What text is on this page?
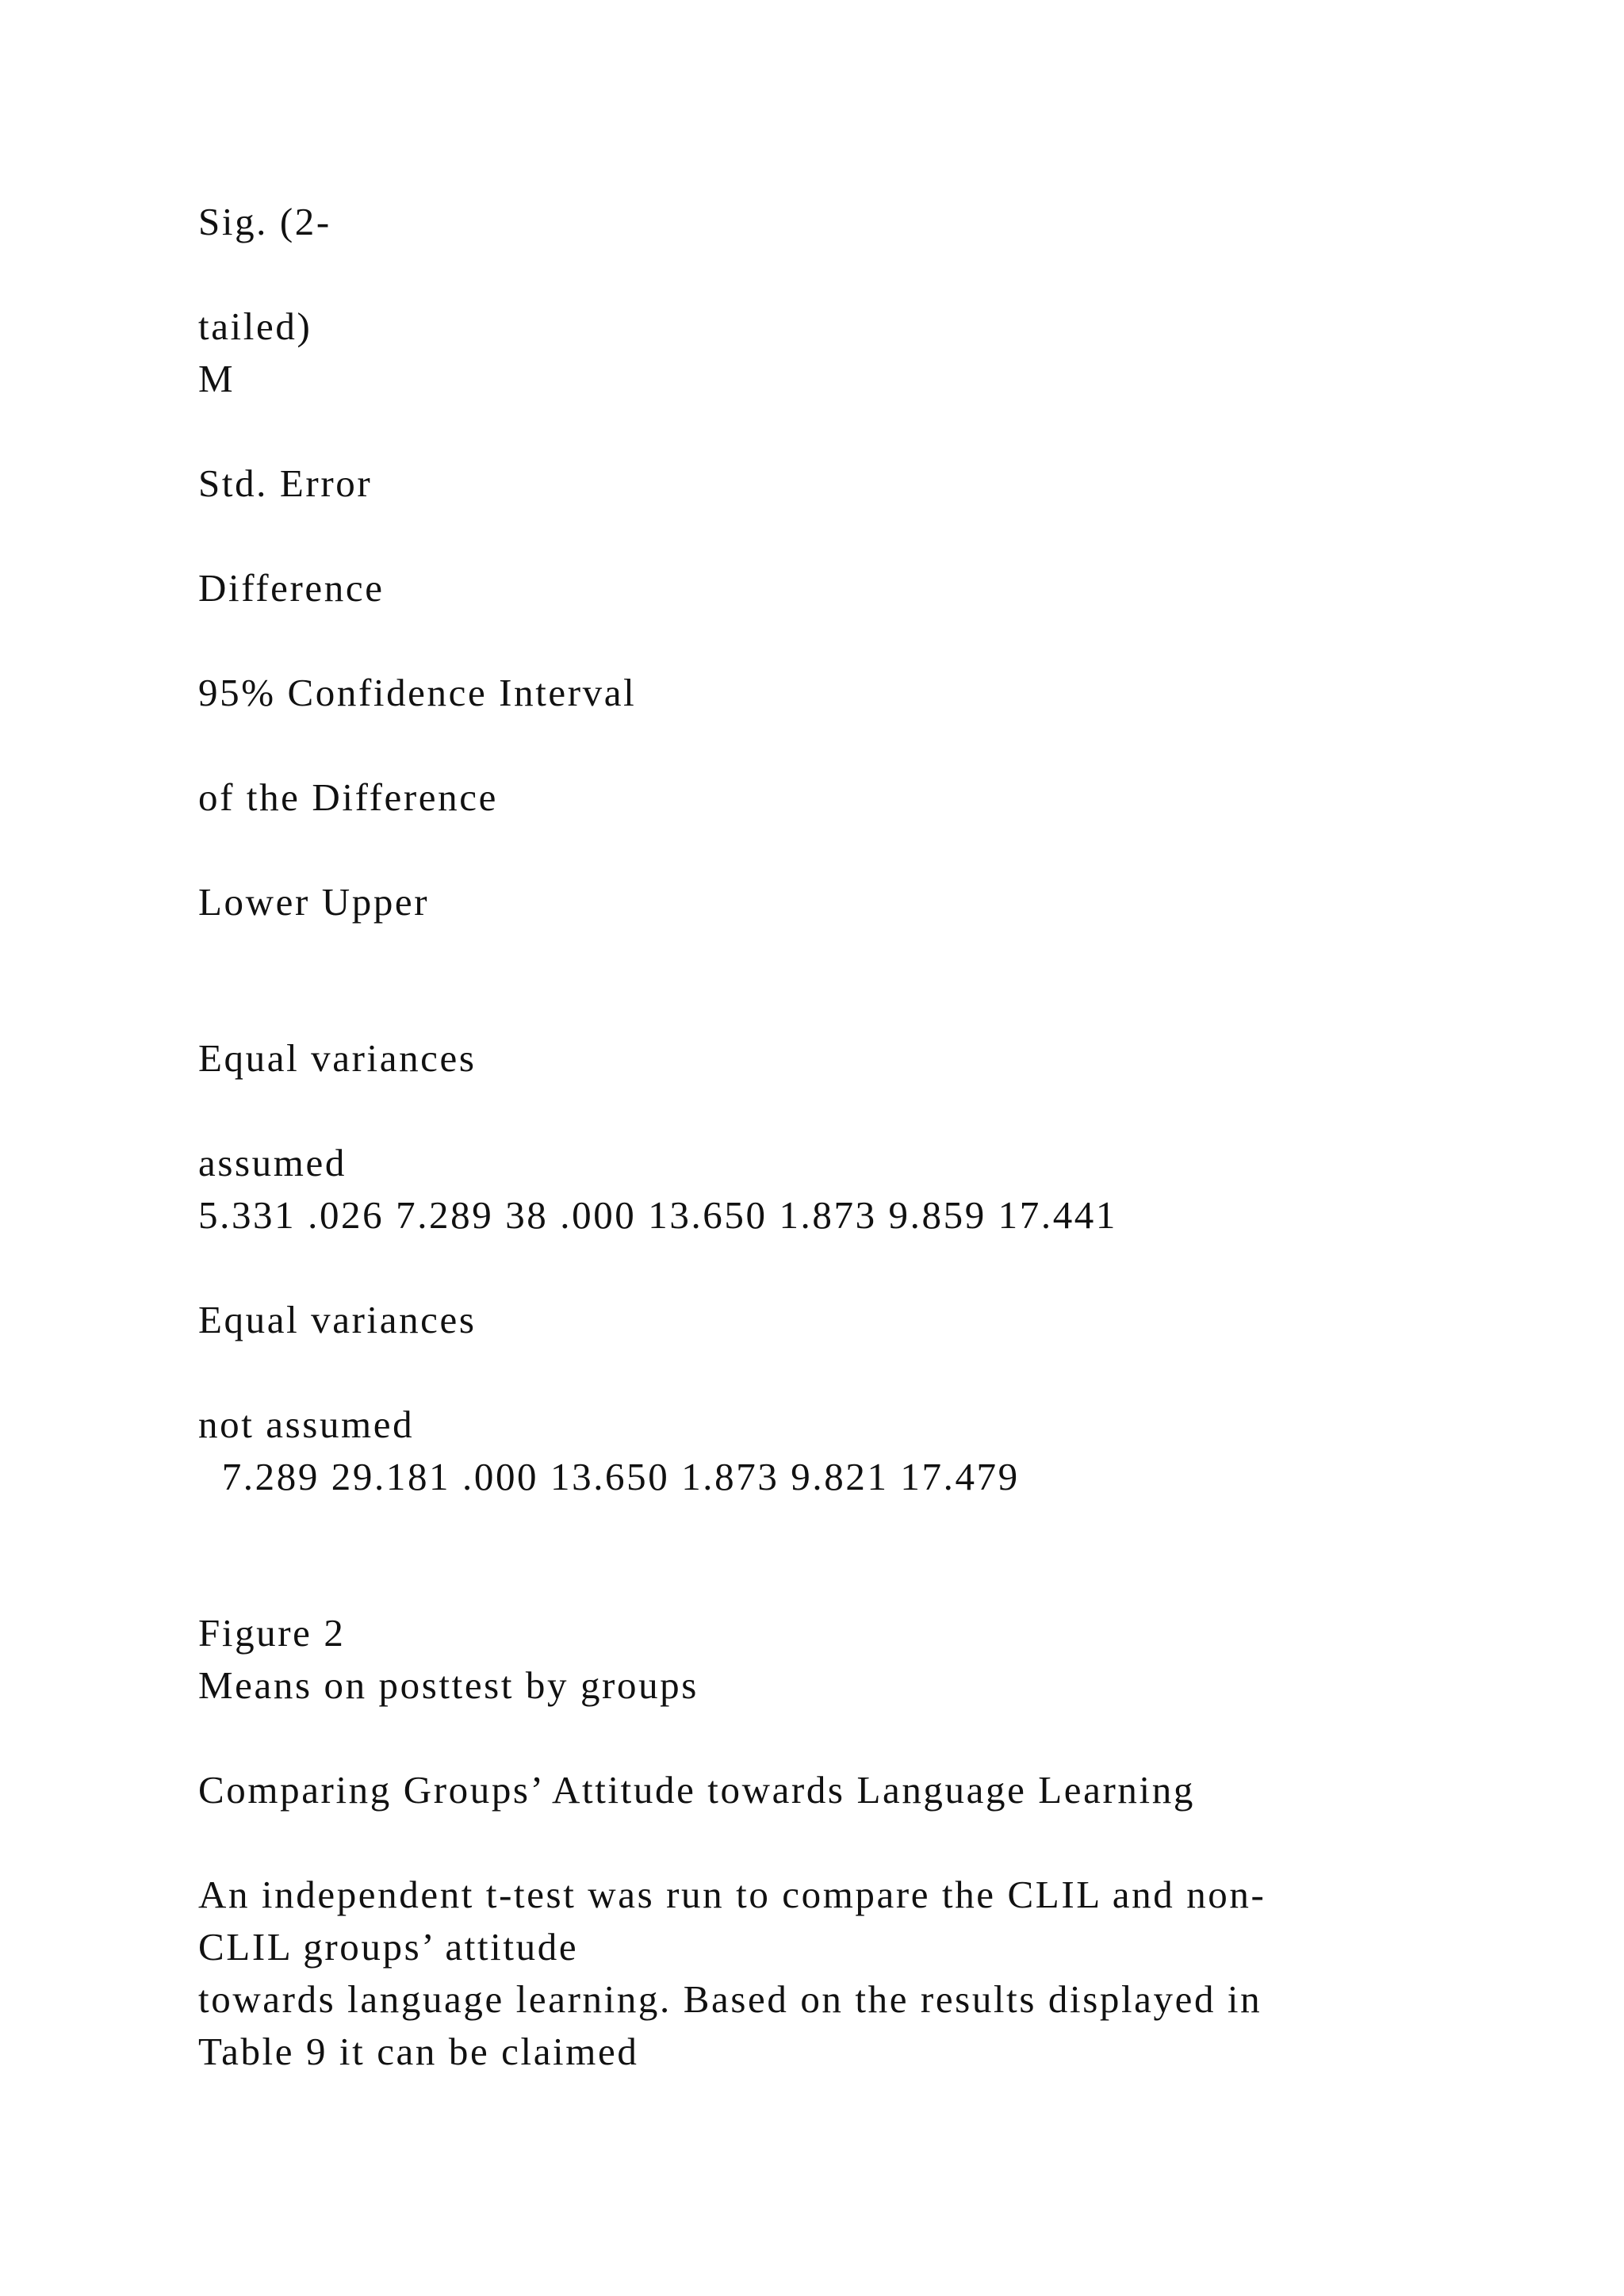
Sig. (2-
tailed)
M
Std. Error
Difference
95% Confidence Interval
of the Difference
Lower Upper
Equal variances
assumed
5.331 .026 7.289 38 .000 13.650 1.873 9.859 17.441
Equal variances
not assumed
7.289 29.181 .000 13.650 1.873 9.821 17.479
Figure 2
Means on posttest by groups
Comparing Groups’ Attitude towards Language Learning
An independent t-test was run to compare the CLIL and non-
CLIL groups’ attitude
towards language learning. Based on the results displayed in
Table 9 it can be claimed
